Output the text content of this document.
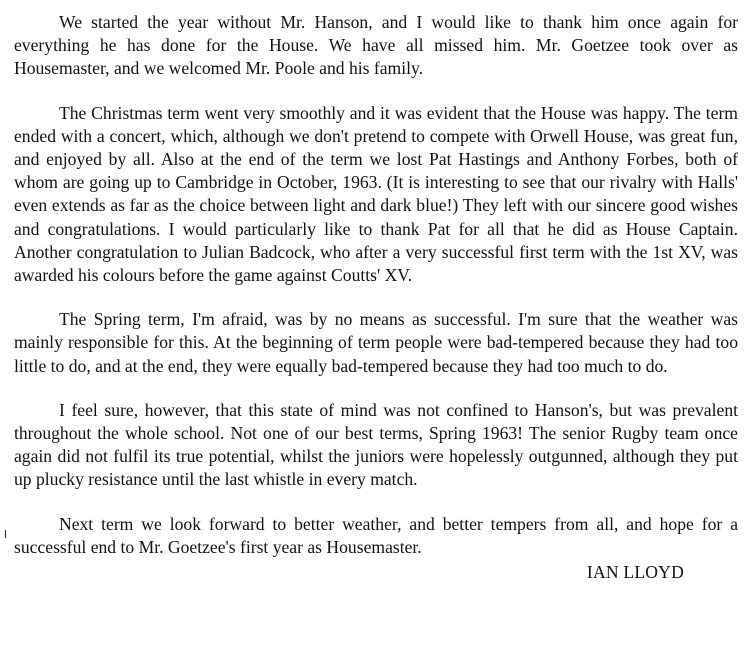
We started the year without Mr. Hanson, and I would like to thank him once again for everything he has done for the House. We have all missed him. Mr. Goetzee took over as Housemaster, and we welcomed Mr. Poole and his family.

The Christmas term went very smoothly and it was evident that the House was happy. The term ended with a concert, which, although we don't pretend to compete with Orwell House, was great fun, and enjoyed by all. Also at the end of the term we lost Pat Hastings and Anthony Forbes, both of whom are going up to Cambridge in October, 1963. (It is interesting to see that our rivalry with Halls' even extends as far as the choice between light and dark blue!) They left with our sincere good wishes and congratulations. I would particularly like to thank Pat for all that he did as House Captain. Another congratulation to Julian Badcock, who after a very successful first term with the 1st XV, was awarded his colours before the game against Coutts' XV.

The Spring term, I'm afraid, was by no means as successful. I'm sure that the weather was mainly responsible for this. At the beginning of term people were bad-tempered because they had too little to do, and at the end, they were equally bad-tempered because they had too much to do.

I feel sure, however, that this state of mind was not confined to Hanson's, but was prevalent throughout the whole school. Not one of our best terms, Spring 1963! The senior Rugby team once again did not fulfil its true potential, whilst the juniors were hopelessly outgunned, although they put up plucky resistance until the last whistle in every match.

Next term we look forward to better weather, and better tempers from all, and hope for a successful end to Mr. Goetzee's first year as Housemaster.

IAN LLOYD
